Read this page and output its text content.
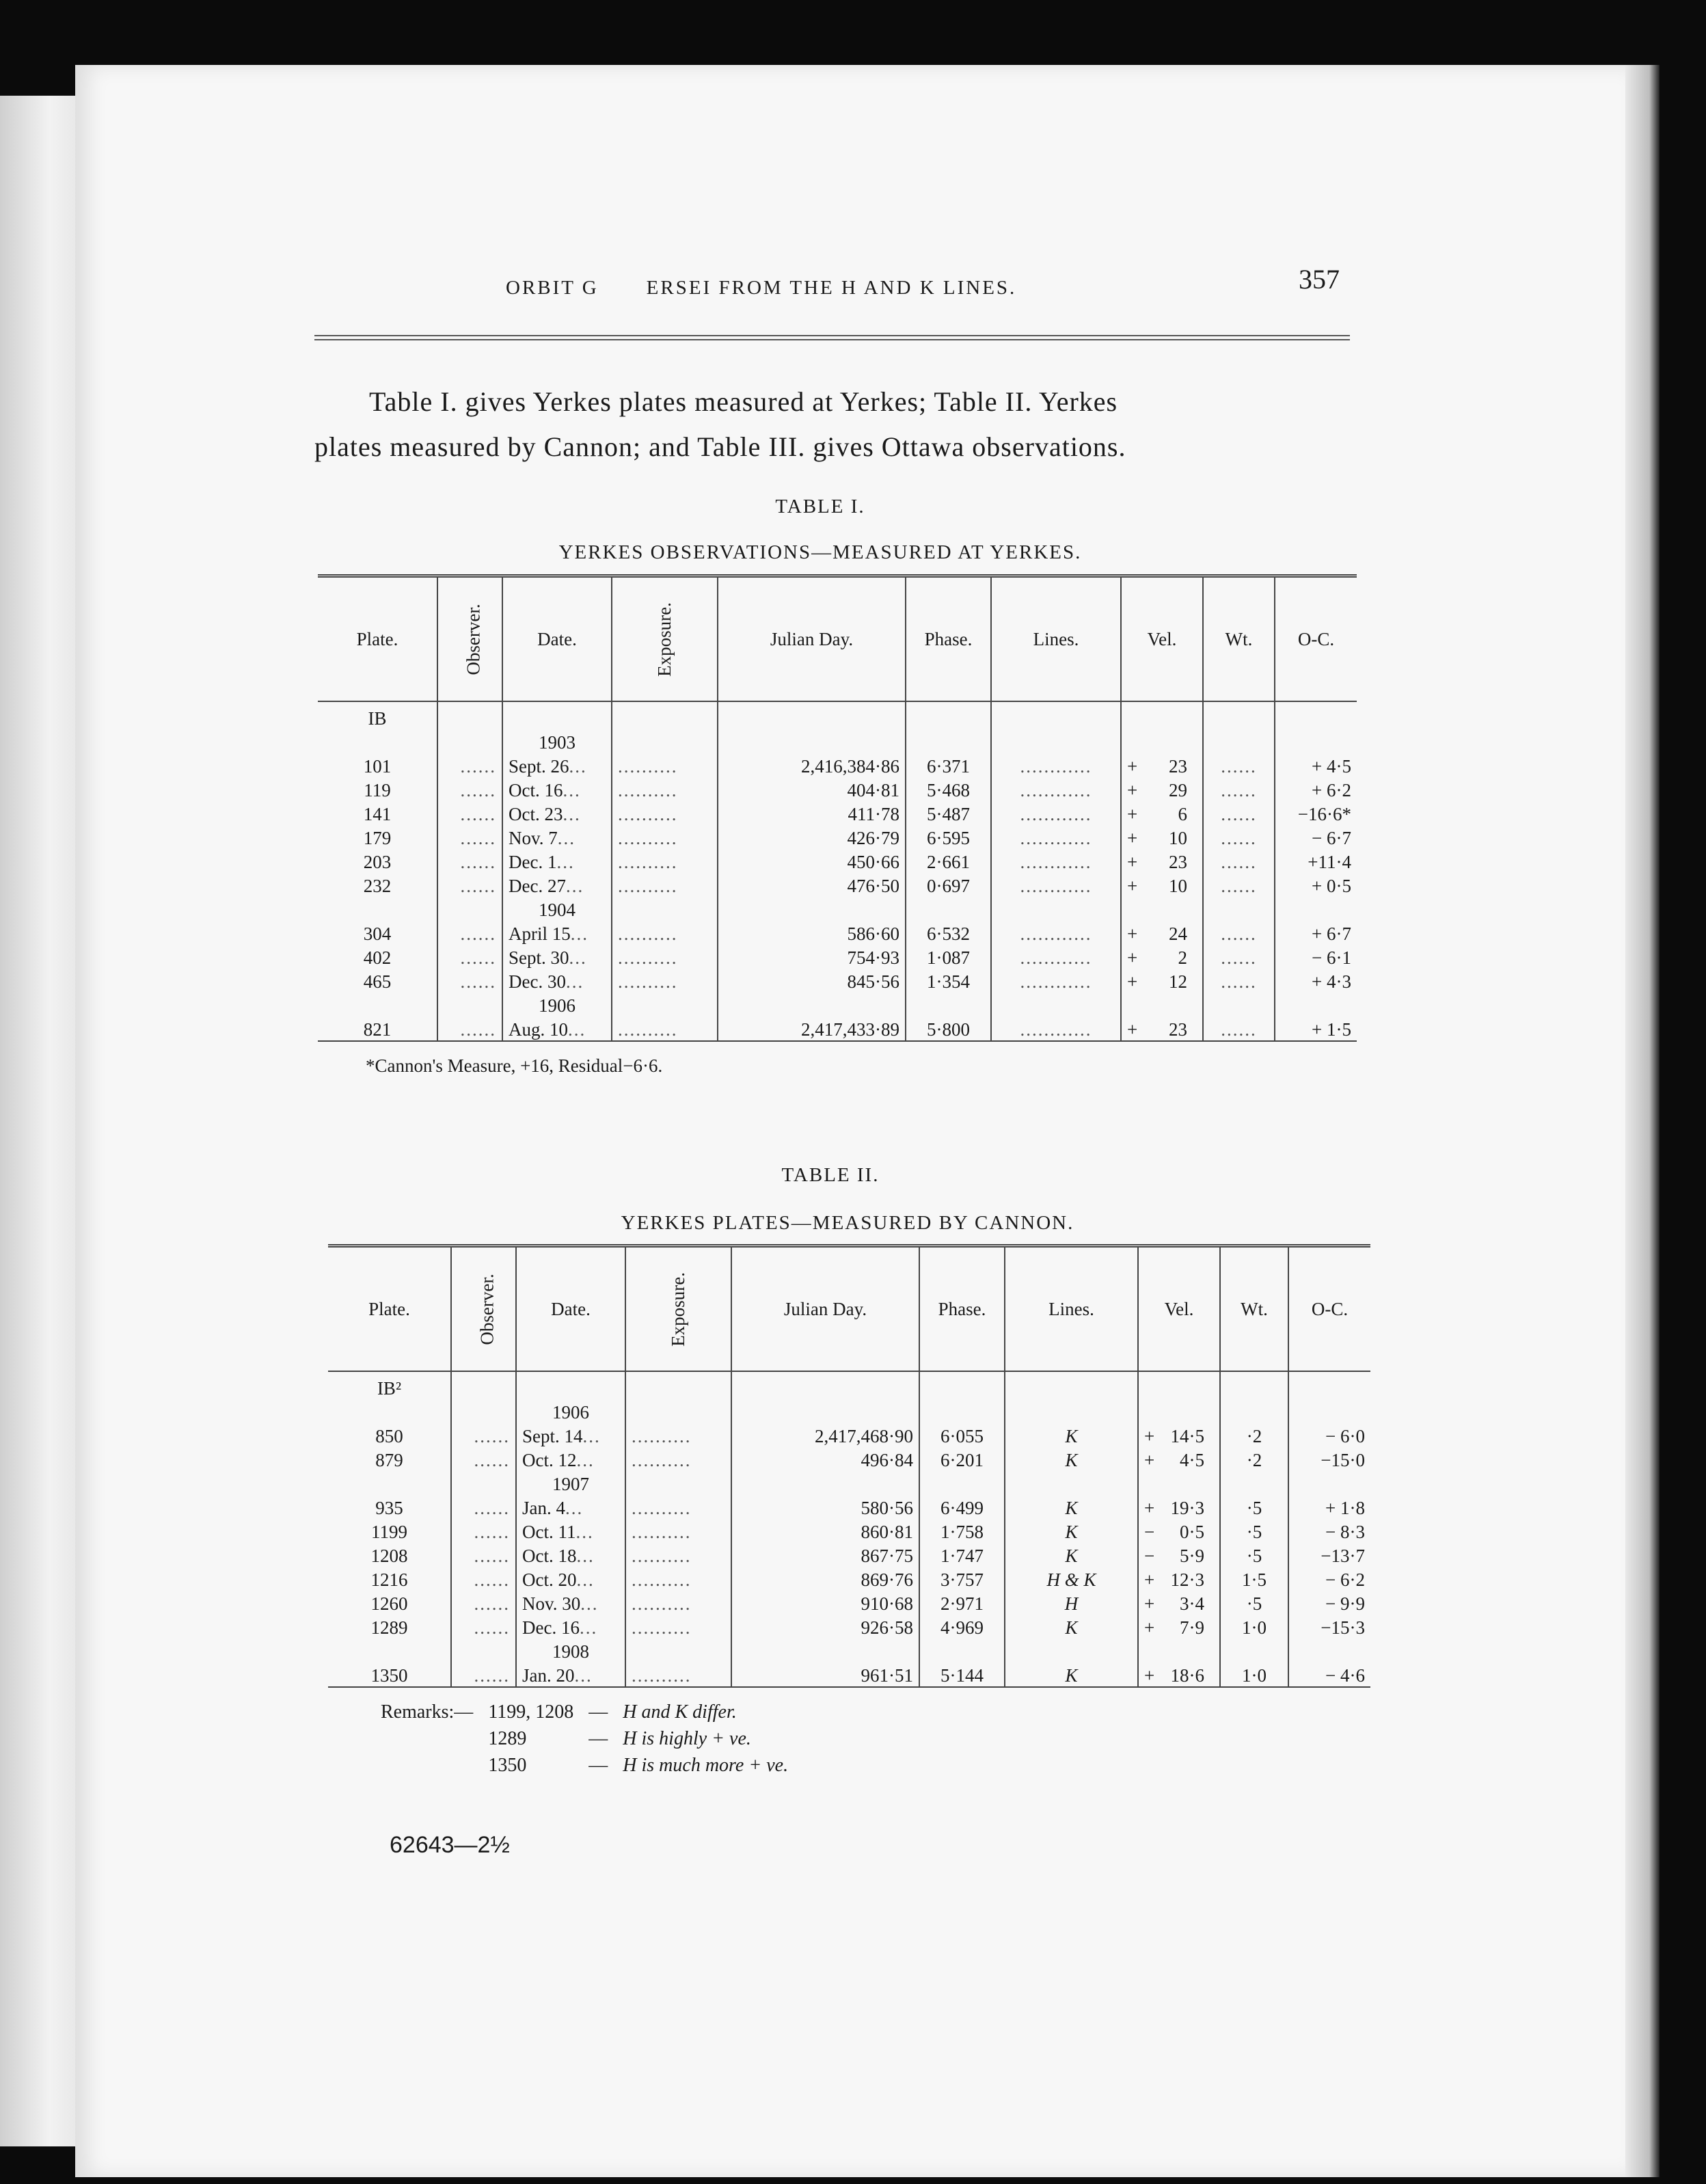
ORBIT G ERSEI FROM THE H AND K LINES.	357
Table I. gives Yerkes plates measured at Yerkes; Table II. Yerkes
plates measured by Cannon; and Table III. gives Ottawa observations.
TABLE I.
YERKES OBSERVATIONS—MEASURED AT YERKES.
Plate.	Observer.	Date.	Exposure.	Julian Day.	Phase.	Lines.	Vel.	Wt.	O-C.
IB									
		1903							
101	......	Sept. 26...	..........	2,416,384·86	6·371	............	+ 23	......	+ 4·5
119	......	Oct. 16...	..........	404·81	5·468	............	+ 29	......	+ 6·2
141	......	Oct. 23...	..........	411·78	5·487	............	+ 6	......	−16·6*
179	......	Nov. 7...	..........	426·79	6·595	............	+ 10	......	− 6·7
203	......	Dec. 1...	..........	450·66	2·661	............	+ 23	......	+11·4
232	......	Dec. 27...	..........	476·50	0·697	............	+ 10	......	+ 0·5
		1904							
304	......	April 15...	..........	586·60	6·532	............	+ 24	......	+ 6·7
402	......	Sept. 30...	..........	754·93	1·087	............	+ 2	......	− 6·1
465	......	Dec. 30...	..........	845·56	1·354	............	+ 12	......	+ 4·3
		1906							
821	......	Aug. 10...	..........	2,417,433·89	5·800	............	+ 23	......	+ 1·5
*Cannon's Measure, +16, Residual−6·6.
TABLE II.
YERKES PLATES—MEASURED BY CANNON.
Plate.	Observer.	Date.	Exposure.	Julian Day.	Phase.	Lines.	Vel.	Wt.	O-C.
IB²									
		1906							
850	......	Sept. 14...	..........	2,417,468·90	6·055	K	+ 14·5	·2	− 6·0
879	......	Oct. 12...	..........	496·84	6·201	K	+ 4·5	·2	−15·0
		1907							
935	......	Jan. 4...	..........	580·56	6·499	K	+ 19·3	·5	+ 1·8
1199	......	Oct. 11...	..........	860·81	1·758	K	− 0·5	·5	− 8·3
1208	......	Oct. 18...	..........	867·75	1·747	K	− 5·9	·5	−13·7
1216	......	Oct. 20...	..........	869·76	3·757	H & K	+ 12·3	1·5	− 6·2
1260	......	Nov. 30...	..........	910·68	2·971	H	+ 3·4	·5	− 9·9
1289	......	Dec. 16...	..........	926·58	4·969	K	+ 7·9	1·0	−15·3
		1908							
1350	......	Jan. 20...	..........	961·51	5·144	K	+ 18·6	1·0	− 4·6
Remarks:—	1199, 1208	—	H and K differ.
	1289	—	H is highly + ve.
	1350	—	H is much more + ve.
62643—2½
